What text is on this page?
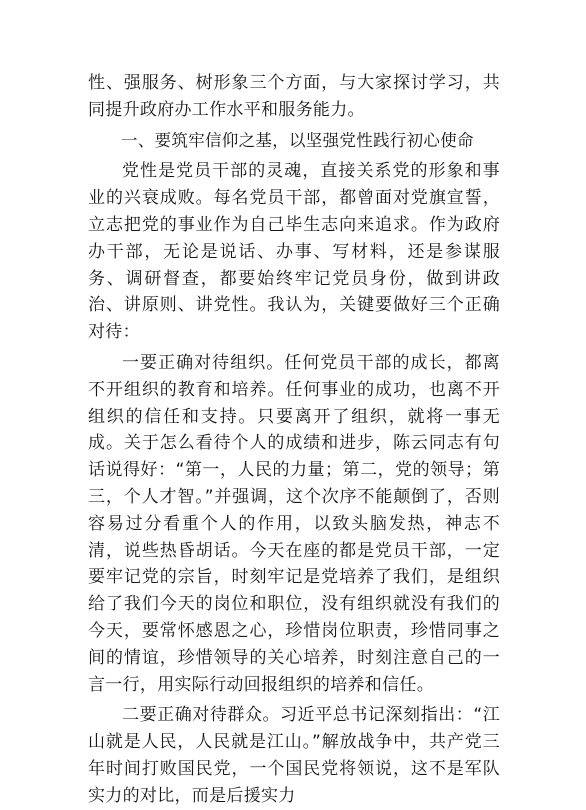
性、强服务、树形象三个方面，与大家探讨学习，共同提升政府办工作水平和服务能力。

一、要筑牢信仰之基，以坚强党性践行初心使命

党性是党员干部的灵魂，直接关系党的形象和事业的兴衰成败。每名党员干部，都曾面对党旗宣誓，立志把党的事业作为自己毕生志向来追求。作为政府办干部，无论是说话、办事、写材料，还是参谋服务、调研督查，都要始终牢记党员身份，做到讲政治、讲原则、讲党性。我认为，关键要做好三个正确对待：

一要正确对待组织。任何党员干部的成长，都离不开组织的教育和培养。任何事业的成功，也离不开组织的信任和支持。只要离开了组织，就将一事无成。关于怎么看待个人的成绩和进步，陈云同志有句话说得好：“第一，人民的力量；第二，党的领导；第三，个人才智。”并强调，这个次序不能颠倒了，否则容易过分看重个人的作用，以致头脑发热，神志不清，说些热昏胡话。今天在座的都是党员干部，一定要牢记党的宗旨，时刻牢记是党培养了我们，是组织给了我们今天的岗位和职位，没有组织就没有我们的今天，要常怀感恩之心，珍惜岗位职责，珍惜同事之间的情谊，珍惜领导的关心培养，时刻注意自己的一言一行，用实际行动回报组织的培养和信任。

二要正确对待群众。习近平总书记深刻指出：“江山就是人民，人民就是江山。”解放战争中，共产党三年时间打败国民党，一个国民党将领说，这不是军队实力的对比，而是后援实力
